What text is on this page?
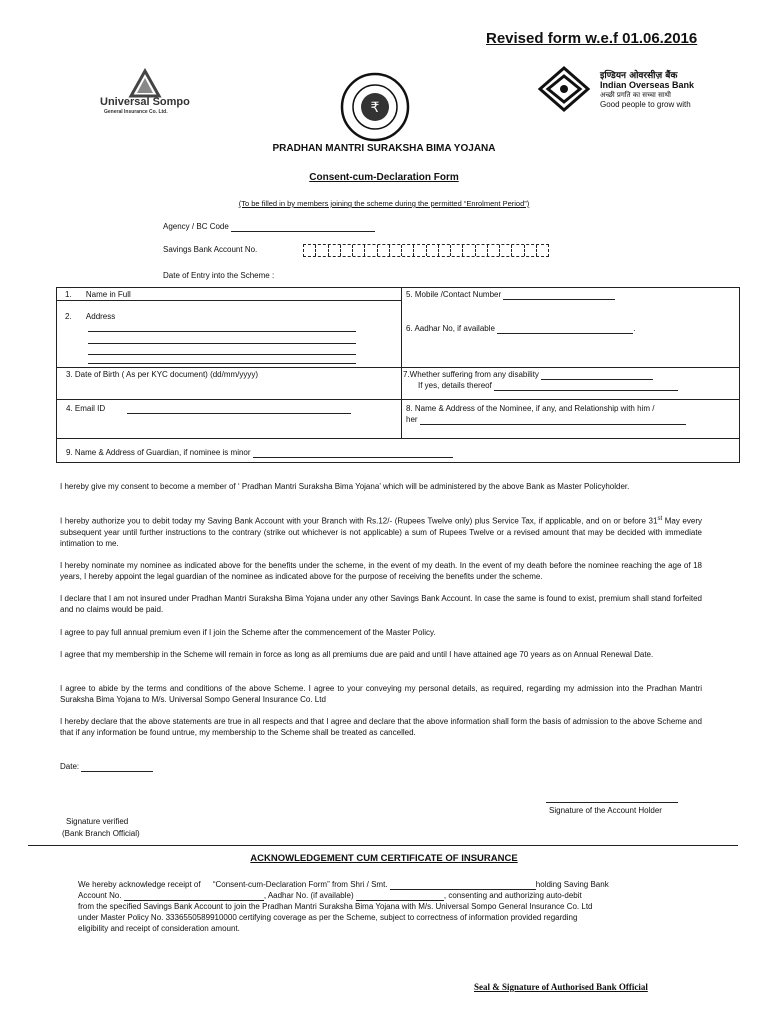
Revised form w.e.f 01.06.2016
Universal Sompo
General Insurance Co. Ltd.	₹
इण्डियन ओवरसीज़ बैंक
Indian Overseas Bank
अच्छी प्रगति का सच्चा साथी
Good people to grow with
PRADHAN MANTRI SURAKSHA BIMA YOJANA
Consent-cum-Declaration Form
(To be filled in by members joining the scheme during the permitted “Enrolment Period”)
Agency / BC Code
Savings Bank Account No.
Date of Entry into the Scheme :
1. Name in Full	5. Mobile /Contact Number
2. Address
6. Aadhar No, if available	.
3. Date of Birth ( As per KYC document) (dd/mm/yyyy)	7.Whether suffering from any disability
If yes, details thereof
4. Email ID	8. Name & Address of the Nominee, if any, and Relationship with him /
her
9. Name & Address of Guardian, if nominee is minor
I hereby give my consent to become a member of ‘ Pradhan Mantri Suraksha Bima Yojana’ which will be administered by the above Bank as Master Policyholder.
I hereby authorize you to debit today my Saving Bank Account with your Branch with Rs.12/- (Rupees Twelve only) plus Service Tax, if applicable, and on or before 31st May every subsequent year until further instructions to the contrary (strike out whichever is not applicable) a sum of Rupees Twelve or a revised amount that may be decided with immediate intimation to me.
I hereby nominate my nominee as indicated above for the benefits under the scheme, in the event of my death. In the event of my death before the nominee reaching the age of 18 years, I hereby appoint the legal guardian of the nominee as indicated above for the purpose of receiving the benefits under the scheme.
I declare that I am not insured under Pradhan Mantri Suraksha Bima Yojana under any other Savings Bank Account. In case the same is found to exist, premium shall stand forfeited and no claims would be paid.
I agree to pay full annual premium even if I join the Scheme after the commencement of the Master Policy.
I agree that my membership in the Scheme will remain in force as long as all premiums due are paid and until I have attained age 70 years as on Annual Renewal Date.
I agree to abide by the terms and conditions of the above Scheme. I agree to your conveying my personal details, as required, regarding my admission into the Pradhan Mantri Suraksha Bima Yojana to M/s. Universal Sompo General Insurance Co. Ltd
I hereby declare that the above statements are true in all respects and that I agree and declare that the above information shall form the basis of admission to the above Scheme and that if any information be found untrue, my membership to the Scheme shall be treated as cancelled.
Date:
Signature of the Account Holder
Signature verified
(Bank Branch Official)
ACKNOWLEDGEMENT CUM CERTIFICATE OF INSURANCE
We hereby acknowledge receipt of “Consent-cum-Declaration Form” from Shri / Smt.	holding Saving Bank
Account No.	, Aadhar No. (if available)	, consenting and authorizing auto-debit
from the specified Savings Bank Account to join the Pradhan Mantri Suraksha Bima Yojana with M/s. Universal Sompo General Insurance Co. Ltd
under Master Policy No. 3336550589910000 certifying coverage as per the Scheme, subject to correctness of information provided regarding
eligibility and receipt of consideration amount.
Seal & Signature of Authorised Bank Official
